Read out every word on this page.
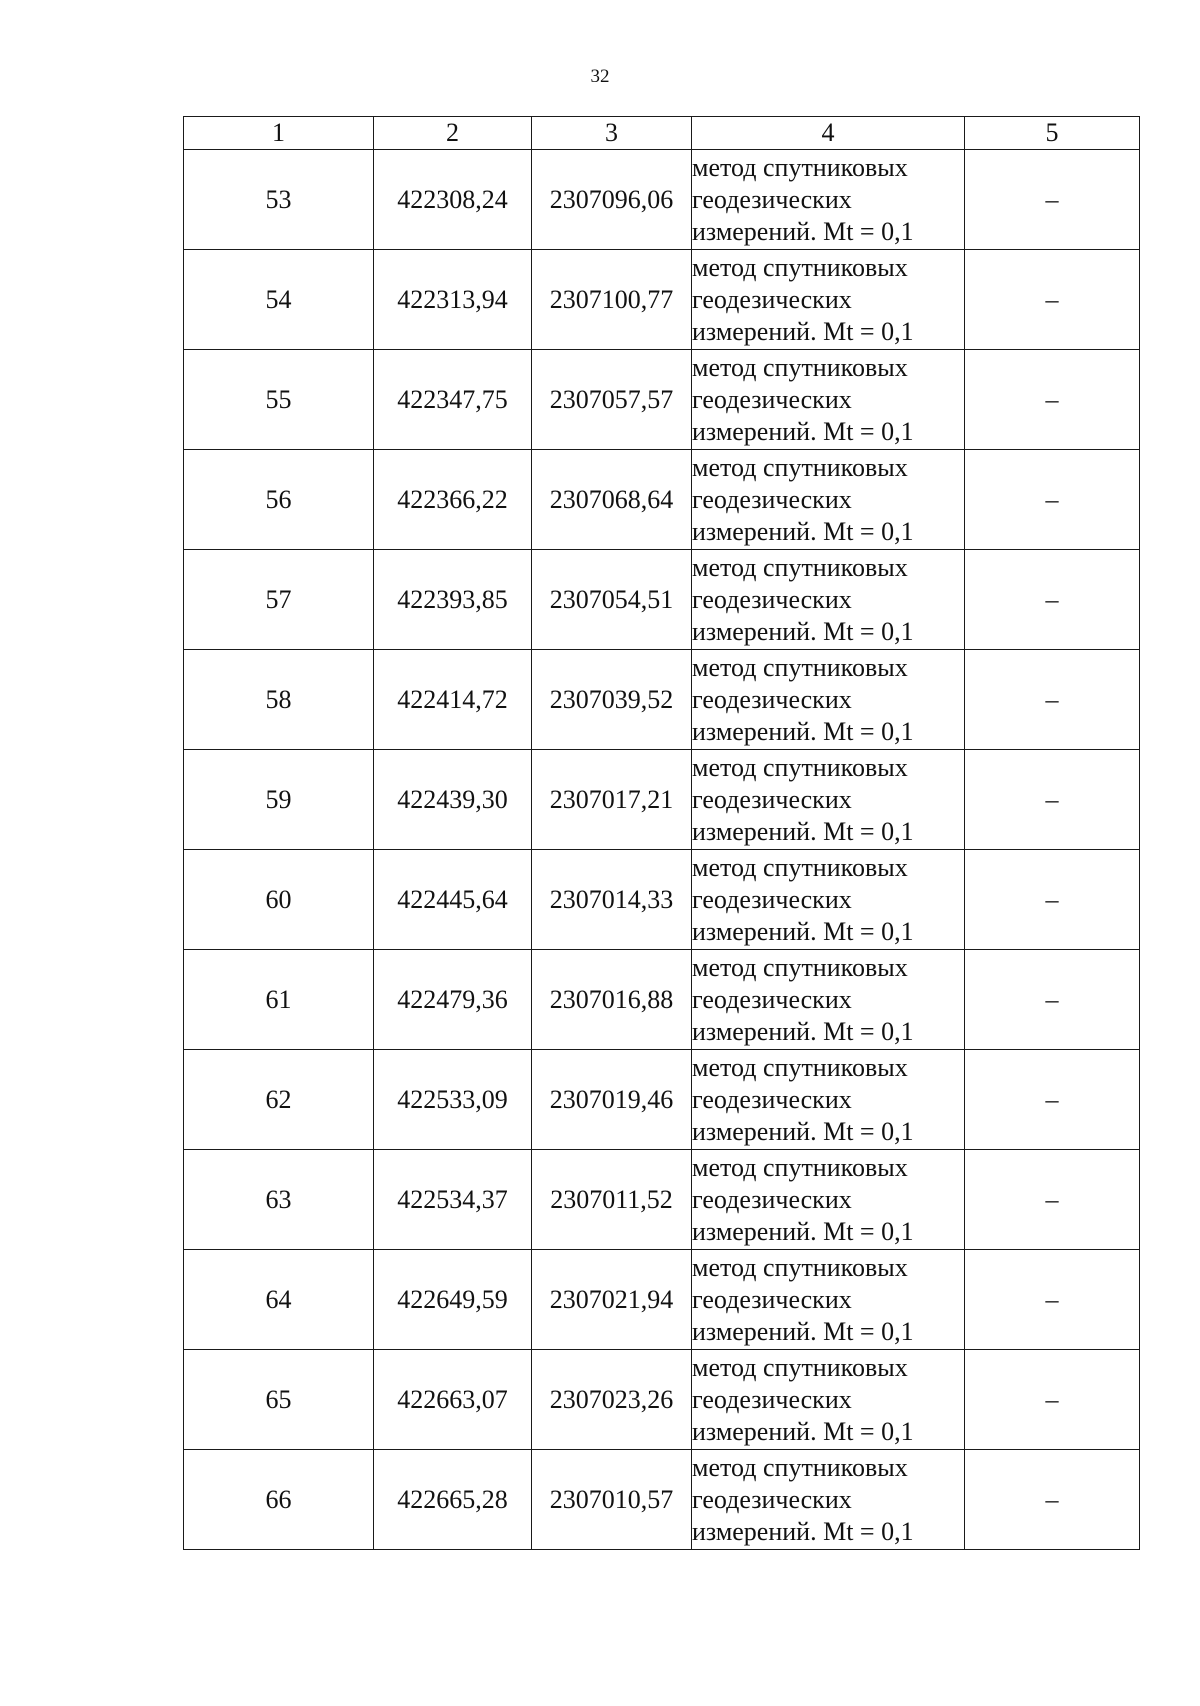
32
1	2	3	4	5
53	422308,24	2307096,06	метод спутниковых
геодезических
измерений. Mt = 0,1	–
54	422313,94	2307100,77	метод спутниковых
геодезических
измерений. Mt = 0,1	–
55	422347,75	2307057,57	метод спутниковых
геодезических
измерений. Mt = 0,1	–
56	422366,22	2307068,64	метод спутниковых
геодезических
измерений. Mt = 0,1	–
57	422393,85	2307054,51	метод спутниковых
геодезических
измерений. Mt = 0,1	–
58	422414,72	2307039,52	метод спутниковых
геодезических
измерений. Mt = 0,1	–
59	422439,30	2307017,21	метод спутниковых
геодезических
измерений. Mt = 0,1	–
60	422445,64	2307014,33	метод спутниковых
геодезических
измерений. Mt = 0,1	–
61	422479,36	2307016,88	метод спутниковых
геодезических
измерений. Mt = 0,1	–
62	422533,09	2307019,46	метод спутниковых
геодезических
измерений. Mt = 0,1	–
63	422534,37	2307011,52	метод спутниковых
геодезических
измерений. Mt = 0,1	–
64	422649,59	2307021,94	метод спутниковых
геодезических
измерений. Mt = 0,1	–
65	422663,07	2307023,26	метод спутниковых
геодезических
измерений. Mt = 0,1	–
66	422665,28	2307010,57	метод спутниковых
геодезических
измерений. Mt = 0,1	–
